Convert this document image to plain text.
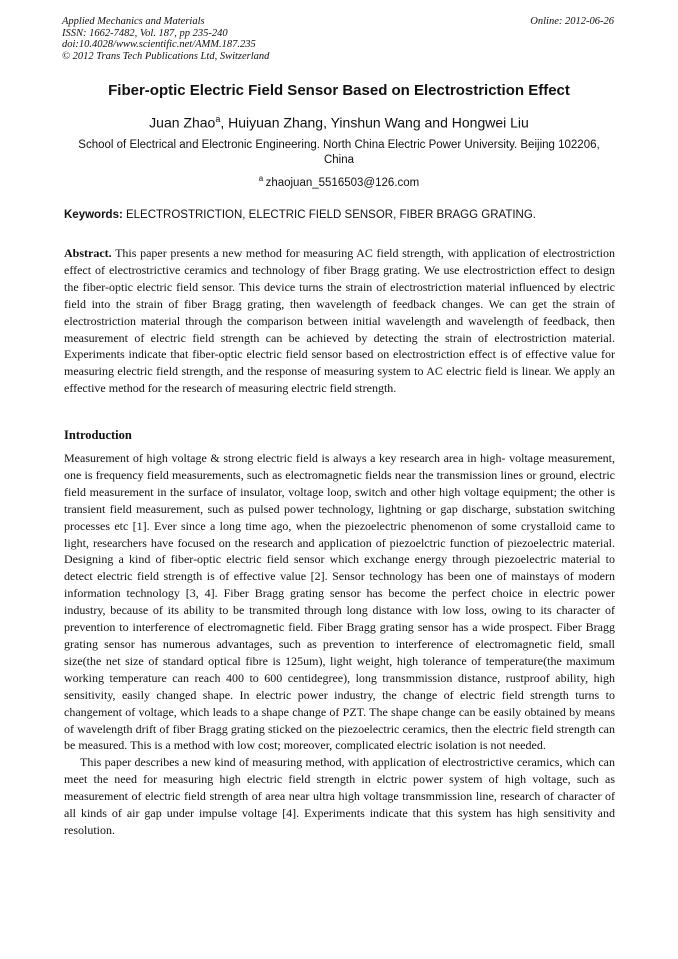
Applied Mechanics and Materials
ISSN: 1662-7482, Vol. 187, pp 235-240
doi:10.4028/www.scientific.net/AMM.187.235
© 2012 Trans Tech Publications Ltd, Switzerland
Online: 2012-06-26
Fiber-optic Electric Field Sensor Based on Electrostriction Effect
Juan Zhao$^a$, Huiyuan Zhang, Yinshun Wang and Hongwei Liu
School of Electrical and Electronic Engineering. North China Electric Power University. Beijing 102206, China
$^a$  zhaojuan_5516503@126.com
Keywords: ELECTROSTRICTION, ELECTRIC FIELD SENSOR, FIBER BRAGG GRATING.
Abstract. This paper presents a new method for measuring AC field strength, with application of electrostriction effect of electrostrictive ceramics and technology of fiber Bragg grating. We use electrostriction effect to design the fiber-optic electric field sensor. This device turns the strain of electrostriction material influenced by electric field into the strain of fiber Bragg grating, then wavelength of feedback changes. We can get the strain of electrostriction material through the comparison between initial wavelength and wavelength of feedback, then measurement of electric field strength can be achieved by detecting the strain of electrostriction material. Experiments indicate that fiber-optic electric field sensor based on electrostriction effect is of effective value for measuring electric field strength, and the response of measuring system to AC electric field is linear. We apply an effective method for the research of measuring electric field strength.
Introduction

Measurement of high voltage & strong electric field is always a key research area in high- voltage measurement, one is frequency field measurements, such as electromagnetic fields near the transmission lines or ground, electric field measurement in the surface of insulator, voltage loop, switch and other high voltage equipment; the other is transient field measurement, such as pulsed power technology, lightning or gap discharge, substation switching processes etc [1]. Ever since a long time ago, when the piezoelectric phenomenon of some crystalloid came to light, researchers have focused on the research and application of piezoelctric function of piezoelectric material. Designing a kind of fiber-optic electric field sensor which exchange energy through piezoelectric material to detect electric field strength is of effective value [2]. Sensor technology has been one of mainstays of modern information technology [3, 4]. Fiber Bragg grating sensor has become the perfect choice in electric power industry, because of its ability to be transmited through long distance with low loss, owing to its character of prevention to interference of electromagnetic field. Fiber Bragg grating sensor has a wide prospect. Fiber Bragg grating sensor has numerous advantages, such as prevention to interference of electromagnetic field, small size(the net size of standard optical fibre is 125um), light weight, high tolerance of temperature(the maximum working temperature can reach 400 to 600 centidegree), long transmmission distance, rustproof ability, high sensitivity, easily changed shape. In electric power industry, the change of electric field strength turns to changement of voltage, which leads to a shape change of PZT. The shape change can be easily obtained by means of wavelength drift of fiber Bragg grating sticked on the piezoelectric ceramics, then the electric field strength can be measured. This is a method with low cost; moreover, complicated electric isolation is not needed.

This paper describes a new kind of measuring method, with application of electrostrictive ceramics, which can meet the need for measuring high electric field strength in elctric power system of high voltage, such as measurement of electric field strength of area near ultra high voltage transmmission line, research of character of all kinds of air gap under impulse voltage [4]. Experiments indicate that this system has high sensitivity and resolution.
